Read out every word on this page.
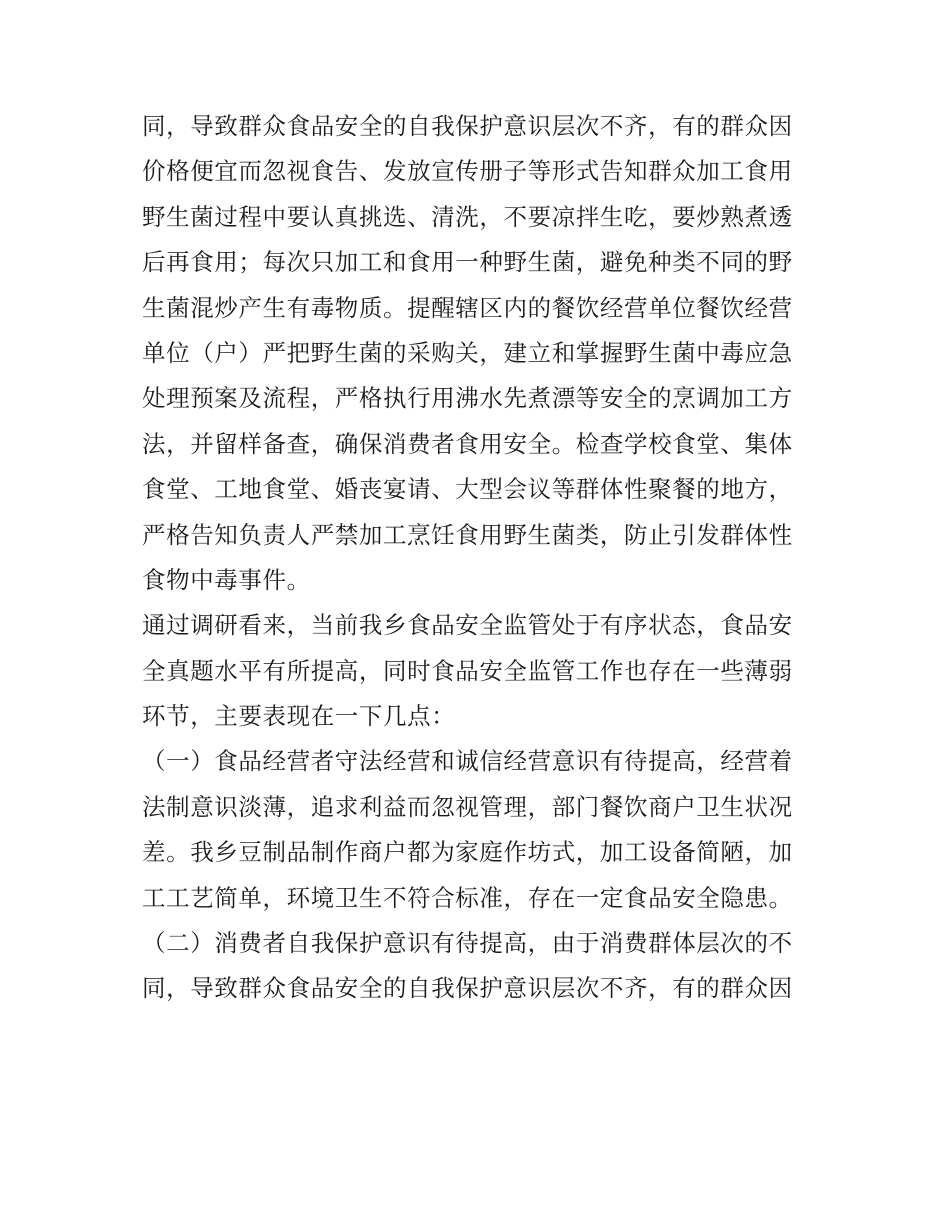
同，导致群众食品安全的自我保护意识层次不齐，有的群众因
价格便宜而忽视食告、发放宣传册子等形式告知群众加工食用
野生菌过程中要认真挑选、清洗，不要凉拌生吃，要炒熟煮透
后再食用；每次只加工和食用一种野生菌，避免种类不同的野
生菌混炒产生有毒物质。提醒辖区内的餐饮经营单位餐饮经营
单位（户）严把野生菌的采购关，建立和掌握野生菌中毒应急
处理预案及流程，严格执行用沸水先煮漂等安全的烹调加工方
法，并留样备查，确保消费者食用安全。检查学校食堂、集体
食堂、工地食堂、婚丧宴请、大型会议等群体性聚餐的地方，
严格告知负责人严禁加工烹饪食用野生菌类，防止引发群体性
食物中毒事件。
通过调研看来，当前我乡食品安全监管处于有序状态，食品安
全真题水平有所提高，同时食品安全监管工作也存在一些薄弱
环节，主要表现在一下几点：
（一）食品经营者守法经营和诚信经营意识有待提高，经营着
法制意识淡薄，追求利益而忽视管理，部门餐饮商户卫生状况
差。我乡豆制品制作商户都为家庭作坊式，加工设备简陋，加
工工艺简单，环境卫生不符合标准，存在一定食品安全隐患。
（二）消费者自我保护意识有待提高，由于消费群体层次的不
同，导致群众食品安全的自我保护意识层次不齐，有的群众因
